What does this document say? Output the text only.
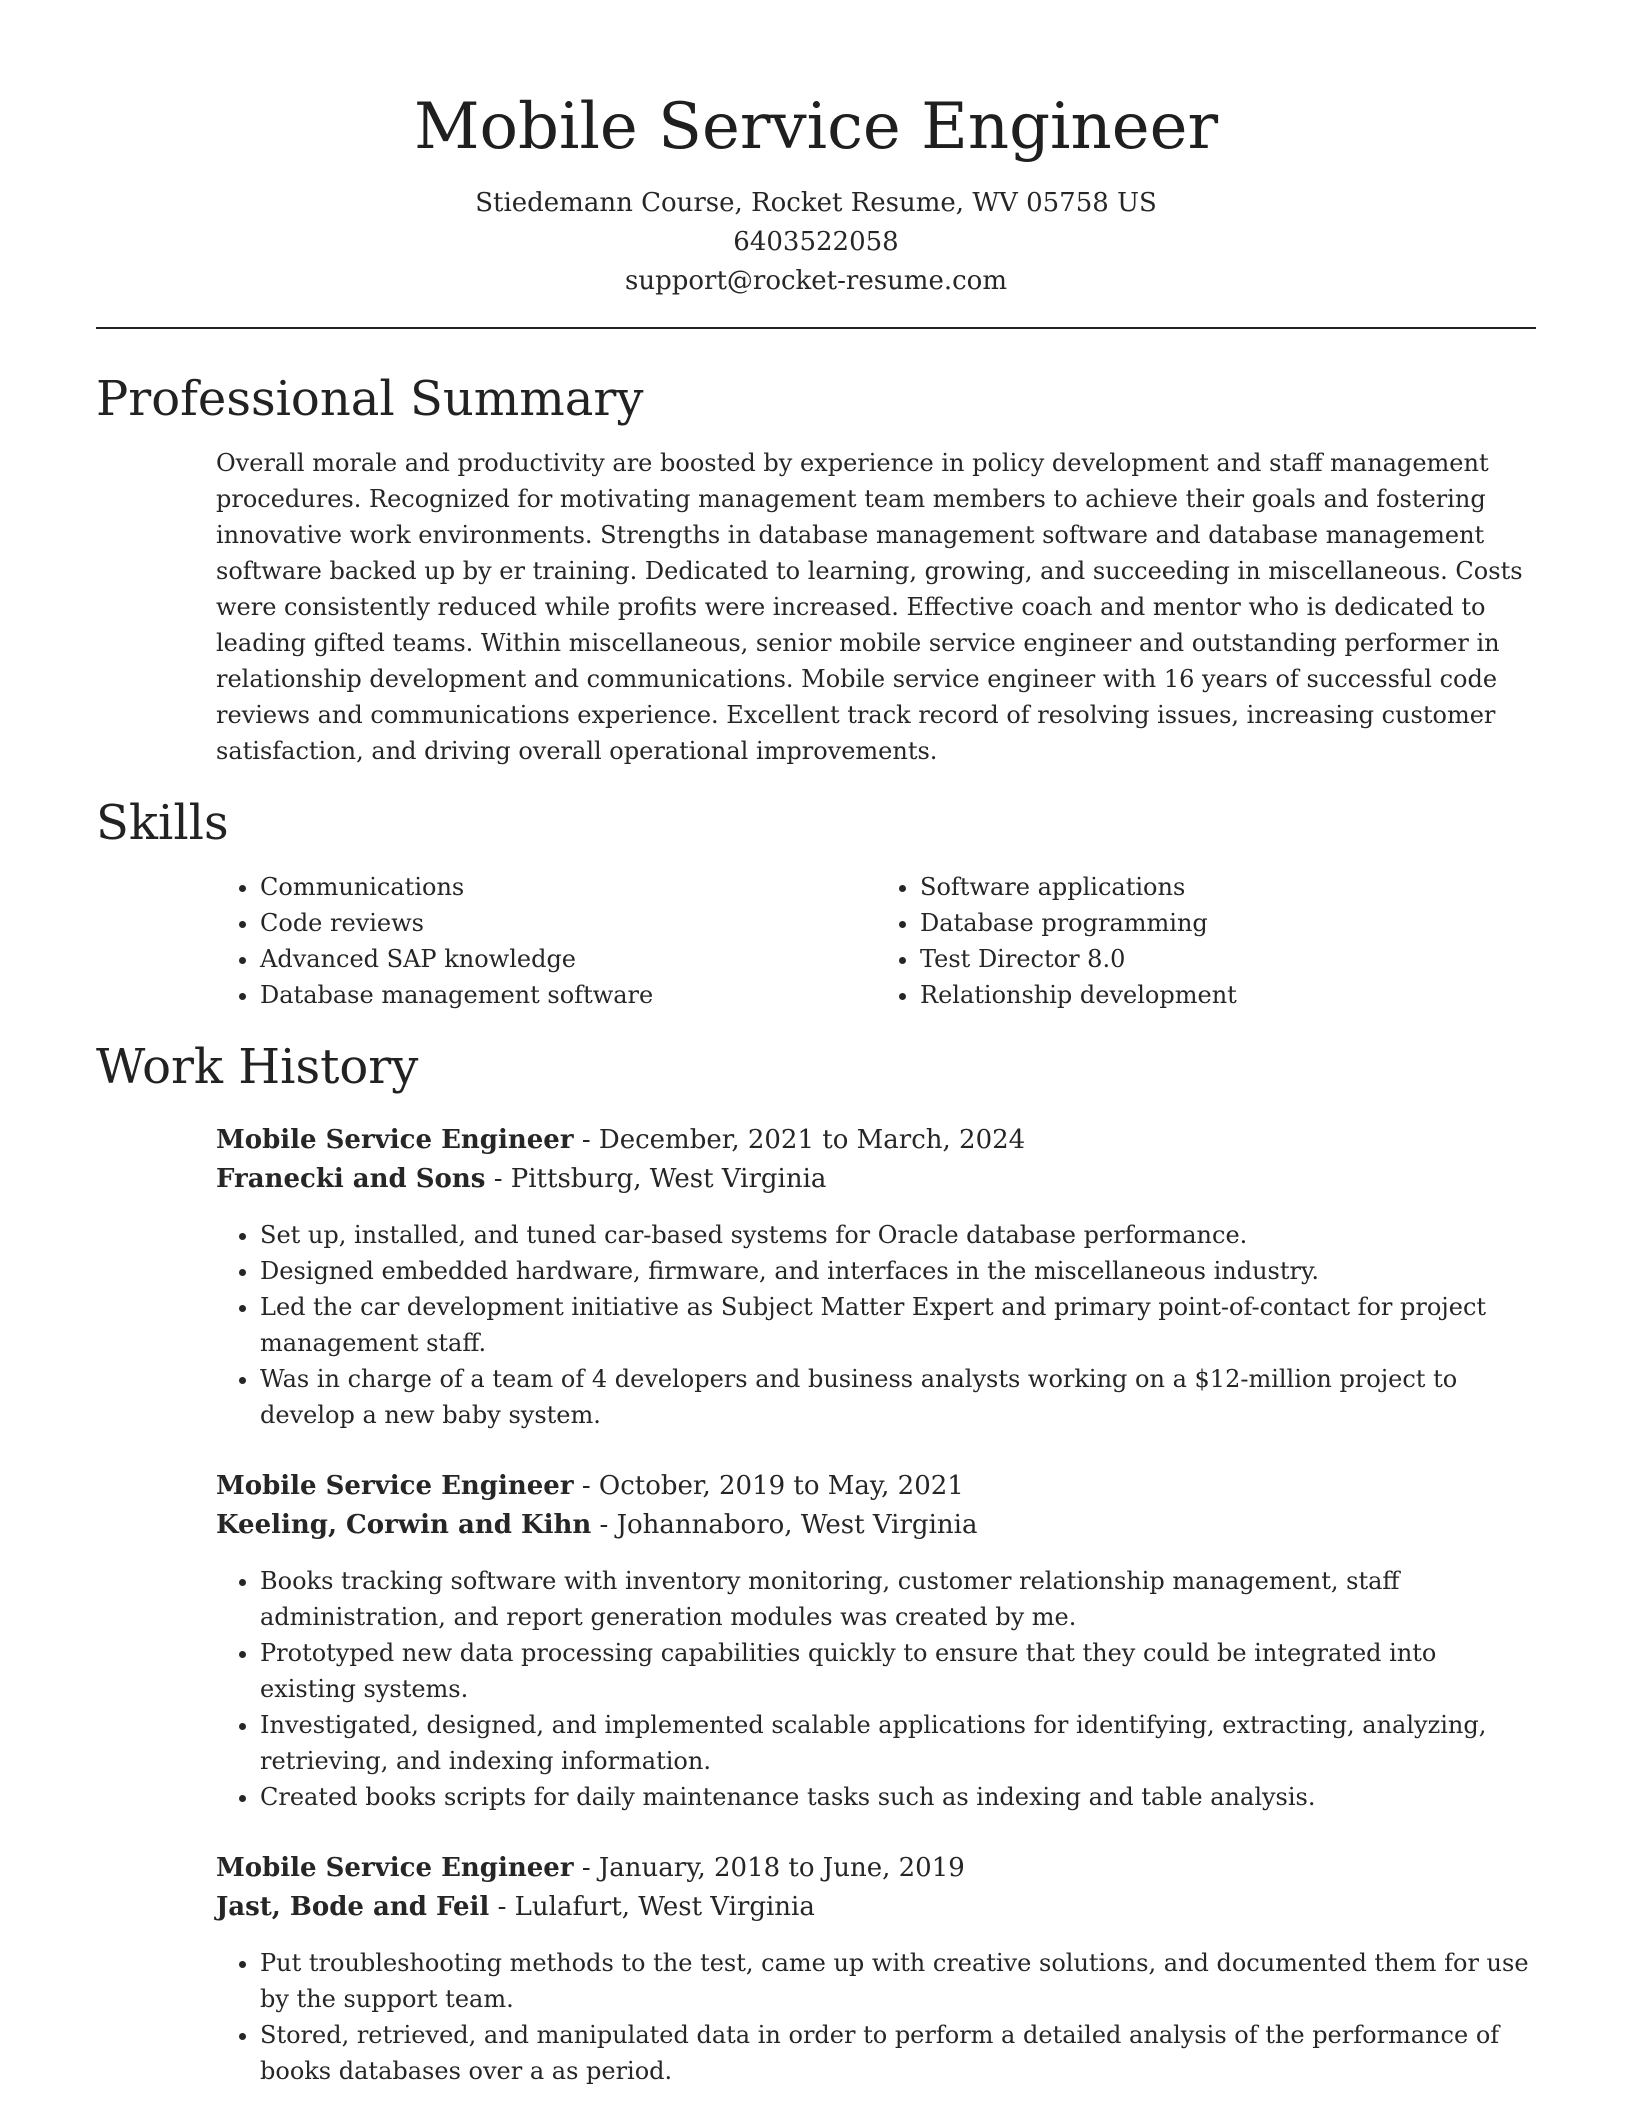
Mobile Service Engineer
Stiedemann Course, Rocket Resume, WV 05758 US
6403522058
support@rocket-resume.com
Professional Summary

Overall morale and productivity are boosted by experience in policy development and staff management procedures. Recognized for motivating management team members to achieve their goals and fostering innovative work environments. Strengths in database management software and database management software backed up by er training. Dedicated to learning, growing, and succeeding in miscellaneous. Costs were consistently reduced while profits were increased. Effective coach and mentor who is dedicated to leading gifted teams. Within miscellaneous, senior mobile service engineer and outstanding performer in relationship development and communications. Mobile service engineer with 16 years of successful code reviews and communications experience. Excellent track record of resolving issues, increasing customer satisfaction, and driving overall operational improvements.

Skills
• Communications
• Code reviews
• Advanced SAP knowledge
• Database management software
• Software applications
• Database programming
• Test Director 8.0
• Relationship development
Work History
Mobile Service Engineer - December, 2021 to March, 2024
Franecki and Sons - Pittsburg, West Virginia
• Set up, installed, and tuned car-based systems for Oracle database performance.
• Designed embedded hardware, firmware, and interfaces in the miscellaneous industry.
• Led the car development initiative as Subject Matter Expert and primary point-of-contact for project management staff.
• Was in charge of a team of 4 developers and business analysts working on a $12-million project to develop a new baby system.
Mobile Service Engineer - October, 2019 to May, 2021
Keeling, Corwin and Kihn - Johannaboro, West Virginia
• Books tracking software with inventory monitoring, customer relationship management, staff administration, and report generation modules was created by me.
• Prototyped new data processing capabilities quickly to ensure that they could be integrated into existing systems.
• Investigated, designed, and implemented scalable applications for identifying, extracting, analyzing, retrieving, and indexing information.
• Created books scripts for daily maintenance tasks such as indexing and table analysis.
Mobile Service Engineer - January, 2018 to June, 2019
Jast, Bode and Feil - Lulafurt, West Virginia
• Put troubleshooting methods to the test, came up with creative solutions, and documented them for use by the support team.
• Stored, retrieved, and manipulated data in order to perform a detailed analysis of the performance of books databases over a as period.
